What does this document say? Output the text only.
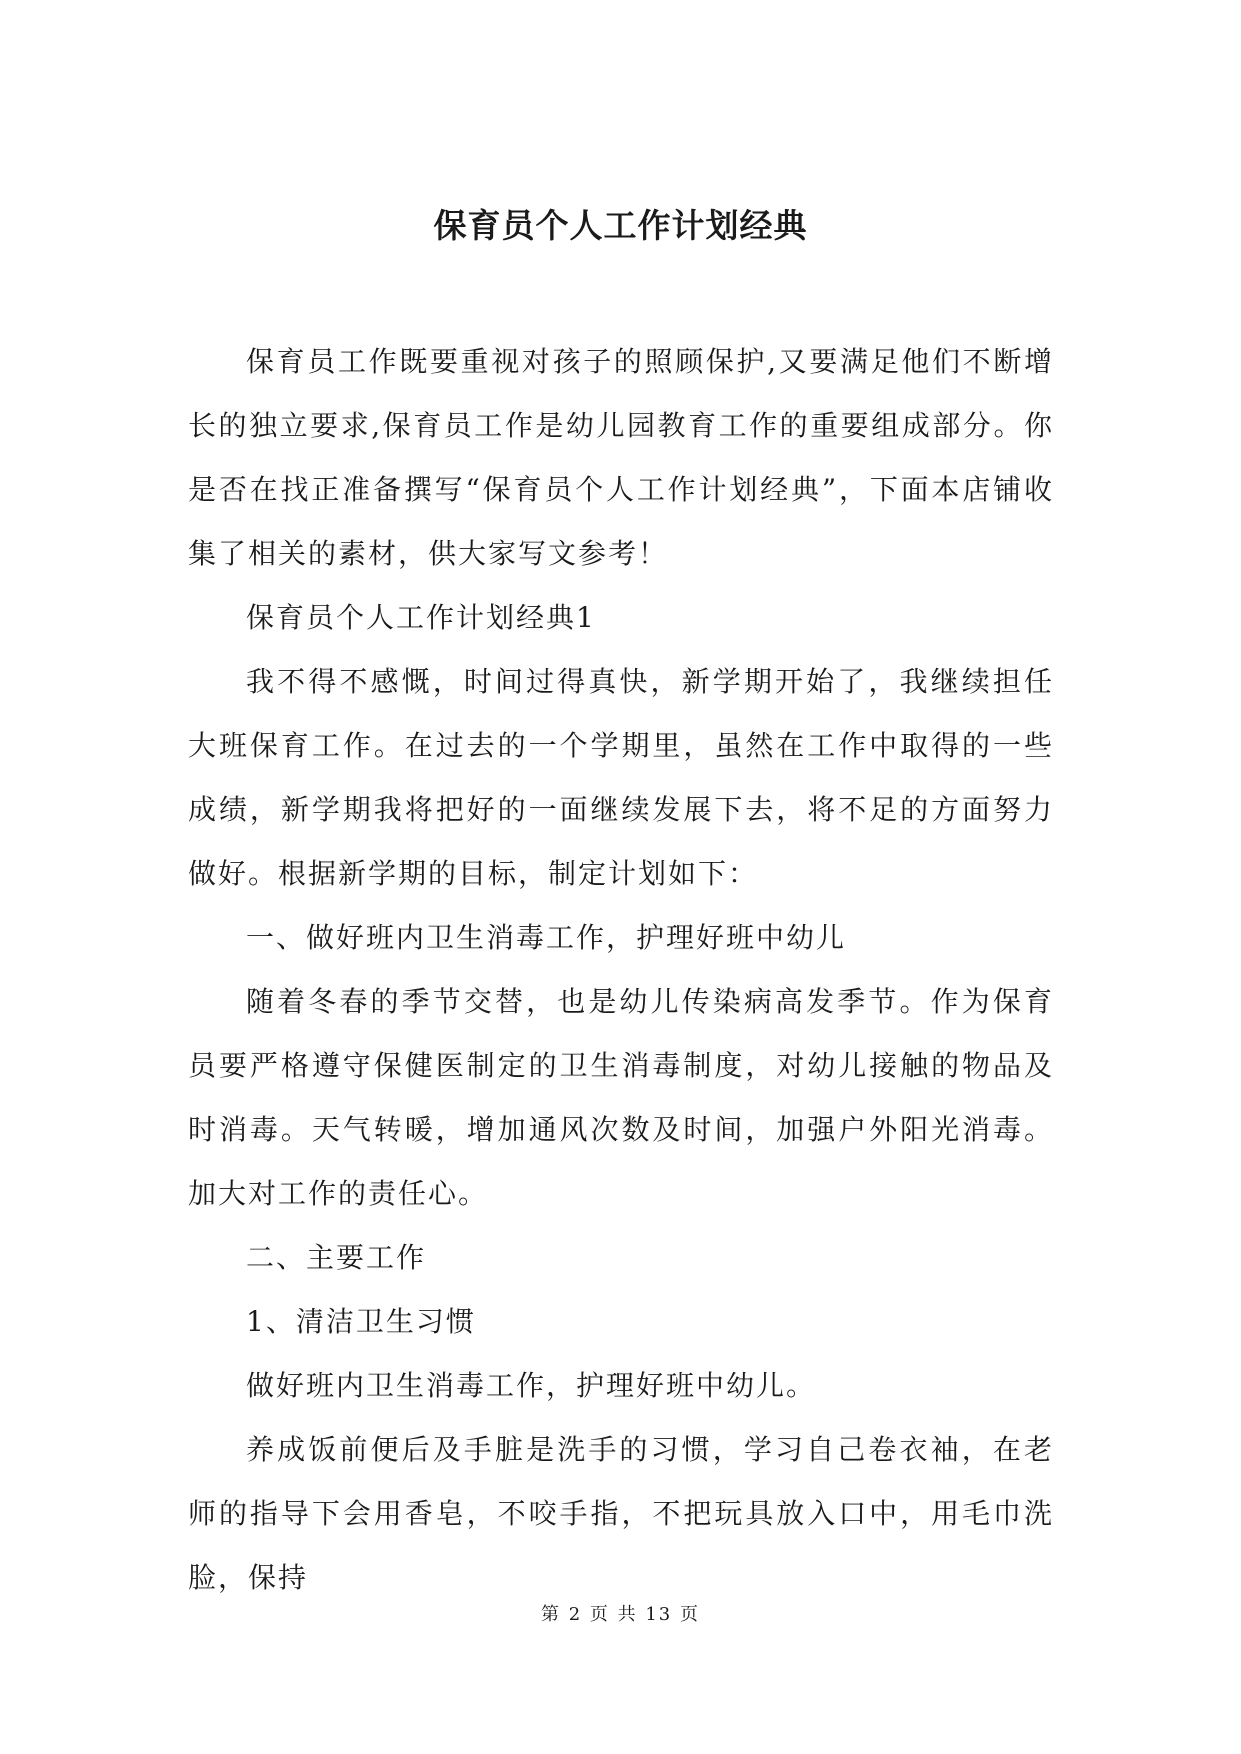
保育员个人工作计划经典

保育员工作既要重视对孩子的照顾保护,又要满足他们不断增长的独立要求,保育员工作是幼儿园教育工作的重要组成部分。你是否在找正准备撰写“保育员个人工作计划经典”，下面本店铺收集了相关的素材，供大家写文参考！

保育员个人工作计划经典1

我不得不感慨，时间过得真快，新学期开始了，我继续担任大班保育工作。在过去的一个学期里，虽然在工作中取得的一些成绩，新学期我将把好的一面继续发展下去，将不足的方面努力做好。根据新学期的目标，制定计划如下：

一、做好班内卫生消毒工作，护理好班中幼儿

随着冬春的季节交替，也是幼儿传染病高发季节。作为保育员要严格遵守保健医制定的卫生消毒制度，对幼儿接触的物品及时消毒。天气转暖，增加通风次数及时间，加强户外阳光消毒。加大对工作的责任心。

二、主要工作

1、清洁卫生习惯

做好班内卫生消毒工作，护理好班中幼儿。

养成饭前便后及手脏是洗手的习惯，学习自己卷衣袖，在老师的指导下会用香皂，不咬手指，不把玩具放入口中，用毛巾洗脸，保持

第 2 页 共 13 页
